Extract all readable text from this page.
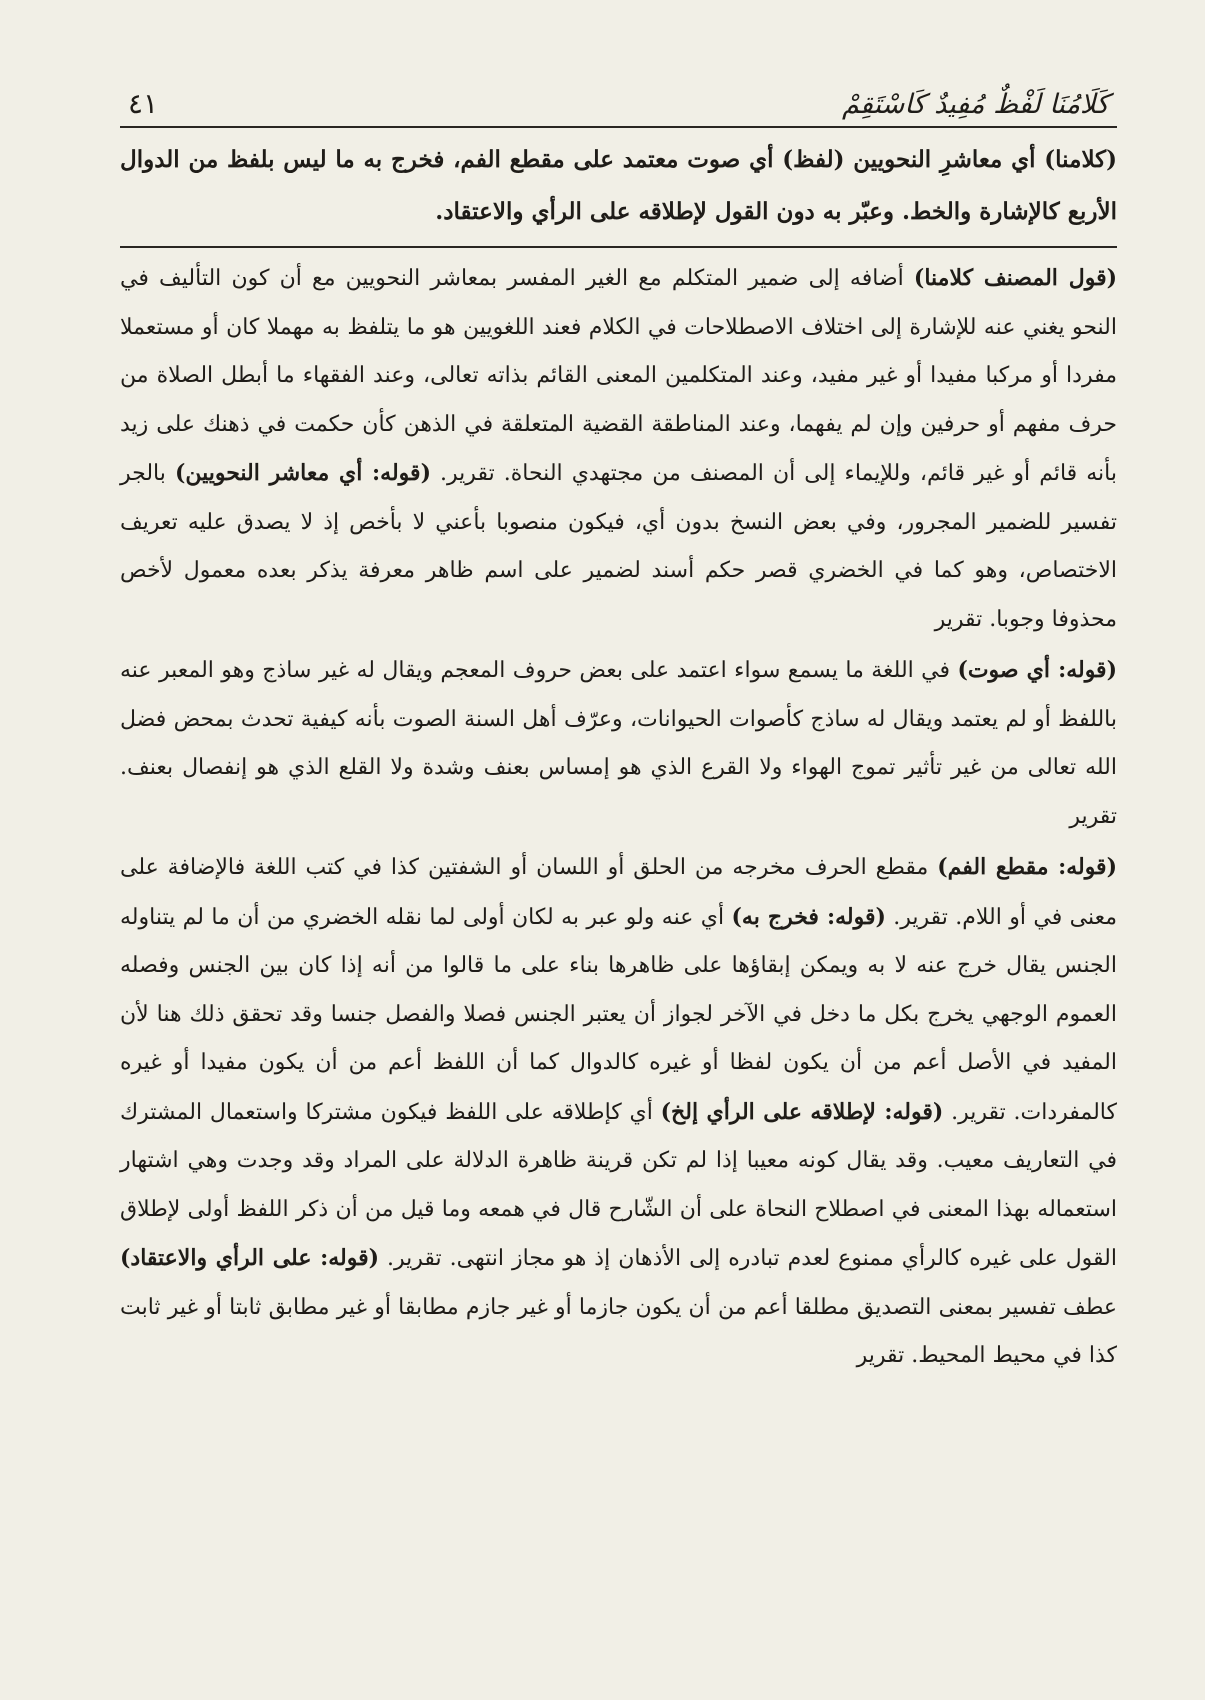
كَلَامُنَا لَفْظٌ مُفِيدٌ كَاسْتَقِمْ
٤١

(كلامنا) أي معاشرِ النحويين (لفظ) أي صوت معتمد على مقطع الفم، فخرج به ما ليس بلفظ من الدوال الأربع كالإشارة والخط. وعبّر به دون القول لإطلاقه على الرأي والاعتقاد.

(قول المصنف كلامنا) أضافه إلى ضمير المتكلم مع الغير المفسر بمعاشر النحويين مع أن كون التأليف في النحو يغني عنه للإشارة إلى اختلاف الاصطلاحات في الكلام فعند اللغويين هو ما يتلفظ به مهملا كان أو مستعملا مفردا أو مركبا مفيدا أو غير مفيد، وعند المتكلمين المعنى القائم بذاته تعالى، وعند الفقهاء ما أبطل الصلاة من حرف مفهم أو حرفين وإن لم يفهما، وعند المناطقة القضية المتعلقة في الذهن كأن حكمت في ذهنك على زيد بأنه قائم أو غير قائم، وللإيماء إلى أن المصنف من مجتهدي النحاة. تقرير. (قوله: أي معاشر النحويين) بالجر تفسير للضمير المجرور، وفي بعض النسخ بدون أي، فيكون منصوبا بأعني لا بأخص إذ لا يصدق عليه تعريف الاختصاص، وهو كما في الخضري قصر حكم أسند لضمير على اسم ظاهر معرفة يذكر بعده معمول لأخص محذوفا وجوبا. تقرير

(قوله: أي صوت) في اللغة ما يسمع سواء اعتمد على بعض حروف المعجم ويقال له غير ساذج وهو المعبر عنه باللفظ أو لم يعتمد ويقال له ساذج كأصوات الحيوانات، وعرّف أهل السنة الصوت بأنه كيفية تحدث بمحض فضل الله تعالى من غير تأثير تموج الهواء ولا القرع الذي هو إمساس بعنف وشدة ولا القلع الذي هو إنفصال بعنف. تقرير

(قوله: مقطع الفم) مقطع الحرف مخرجه من الحلق أو اللسان أو الشفتين كذا في كتب اللغة فالإضافة على معنى في أو اللام. تقرير. (قوله: فخرج به) أي عنه ولو عبر به لكان أولى لما نقله الخضري من أن ما لم يتناوله الجنس يقال خرج عنه لا به ويمكن إبقاؤها على ظاهرها بناء على ما قالوا من أنه إذا كان بين الجنس وفصله العموم الوجهي يخرج بكل ما دخل في الآخر لجواز أن يعتبر الجنس فصلا والفصل جنسا وقد تحقق ذلك هنا لأن المفيد في الأصل أعم من أن يكون لفظا أو غيره كالدوال كما أن اللفظ أعم من أن يكون مفيدا أو غيره كالمفردات. تقرير. (قوله: لإطلاقه على الرأي إلخ) أي كإطلاقه على اللفظ فيكون مشتركا واستعمال المشترك في التعاريف معيب. وقد يقال كونه معيبا إذا لم تكن قرينة ظاهرة الدلالة على المراد وقد وجدت وهي اشتهار استعماله بهذا المعنى في اصطلاح النحاة على أن الشّارح قال في همعه وما قيل من أن ذكر اللفظ أولى لإطلاق القول على غيره كالرأي ممنوع لعدم تبادره إلى الأذهان إذ هو مجاز انتهى. تقرير. (قوله: على الرأي والاعتقاد) عطف تفسير بمعنى التصديق مطلقا أعم من أن يكون جازما أو غير جازم مطابقا أو غير مطابق ثابتا أو غير ثابت كذا في محيط المحيط. تقرير
